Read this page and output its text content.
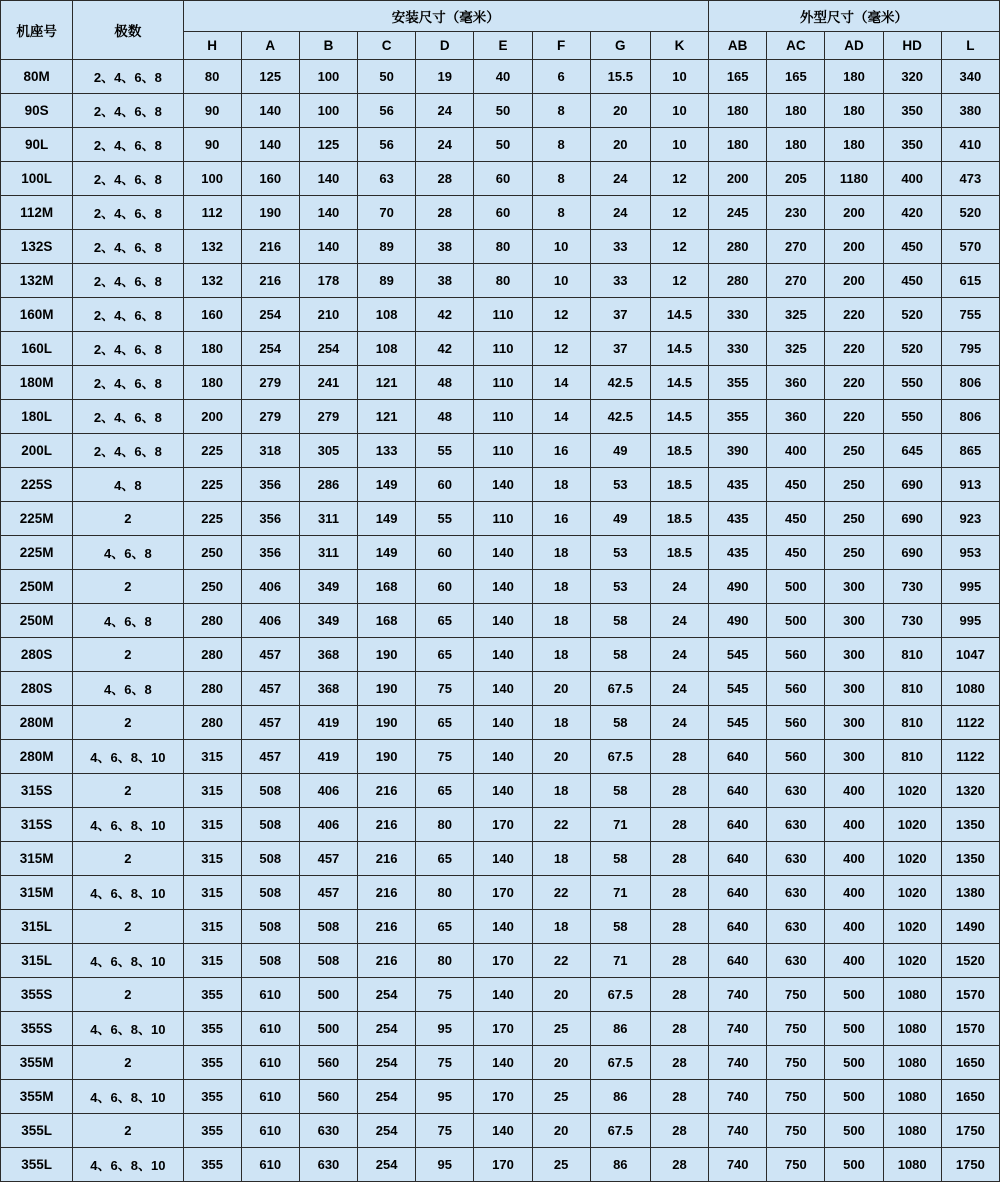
机座号	极数	安装尺寸（毫米）									外型尺寸（毫米）				
		H	A	B	C	D	E	F	G	K	AB	AC	AD	HD	L
80M	2、4、6、8	80	125	100	50	19	40	6	15.5	10	165	165	180	320	340
90S	2、4、6、8	90	140	100	56	24	50	8	20	10	180	180	180	350	380
90L	2、4、6、8	90	140	125	56	24	50	8	20	10	180	180	180	350	410
100L	2、4、6、8	100	160	140	63	28	60	8	24	12	200	205	1180	400	473
112M	2、4、6、8	112	190	140	70	28	60	8	24	12	245	230	200	420	520
132S	2、4、6、8	132	216	140	89	38	80	10	33	12	280	270	200	450	570
132M	2、4、6、8	132	216	178	89	38	80	10	33	12	280	270	200	450	615
160M	2、4、6、8	160	254	210	108	42	110	12	37	14.5	330	325	220	520	755
160L	2、4、6、8	180	254	254	108	42	110	12	37	14.5	330	325	220	520	795
180M	2、4、6、8	180	279	241	121	48	110	14	42.5	14.5	355	360	220	550	806
180L	2、4、6、8	200	279	279	121	48	110	14	42.5	14.5	355	360	220	550	806
200L	2、4、6、8	225	318	305	133	55	110	16	49	18.5	390	400	250	645	865
225S	4、8	225	356	286	149	60	140	18	53	18.5	435	450	250	690	913
225M	2	225	356	311	149	55	110	16	49	18.5	435	450	250	690	923
225M	4、6、8	250	356	311	149	60	140	18	53	18.5	435	450	250	690	953
250M	2	250	406	349	168	60	140	18	53	24	490	500	300	730	995
250M	4、6、8	280	406	349	168	65	140	18	58	24	490	500	300	730	995
280S	2	280	457	368	190	65	140	18	58	24	545	560	300	810	1047
280S	4、6、8	280	457	368	190	75	140	20	67.5	24	545	560	300	810	1080
280M	2	280	457	419	190	65	140	18	58	24	545	560	300	810	1122
280M	4、6、8、10	315	457	419	190	75	140	20	67.5	28	640	560	300	810	1122
315S	2	315	508	406	216	65	140	18	58	28	640	630	400	1020	1320
315S	4、6、8、10	315	508	406	216	80	170	22	71	28	640	630	400	1020	1350
315M	2	315	508	457	216	65	140	18	58	28	640	630	400	1020	1350
315M	4、6、8、10	315	508	457	216	80	170	22	71	28	640	630	400	1020	1380
315L	2	315	508	508	216	65	140	18	58	28	640	630	400	1020	1490
315L	4、6、8、10	315	508	508	216	80	170	22	71	28	640	630	400	1020	1520
355S	2	355	610	500	254	75	140	20	67.5	28	740	750	500	1080	1570
355S	4、6、8、10	355	610	500	254	95	170	25	86	28	740	750	500	1080	1570
355M	2	355	610	560	254	75	140	20	67.5	28	740	750	500	1080	1650
355M	4、6、8、10	355	610	560	254	95	170	25	86	28	740	750	500	1080	1650
355L	2	355	610	630	254	75	140	20	67.5	28	740	750	500	1080	1750
355L	4、6、8、10	355	610	630	254	95	170	25	86	28	740	750	500	1080	1750
